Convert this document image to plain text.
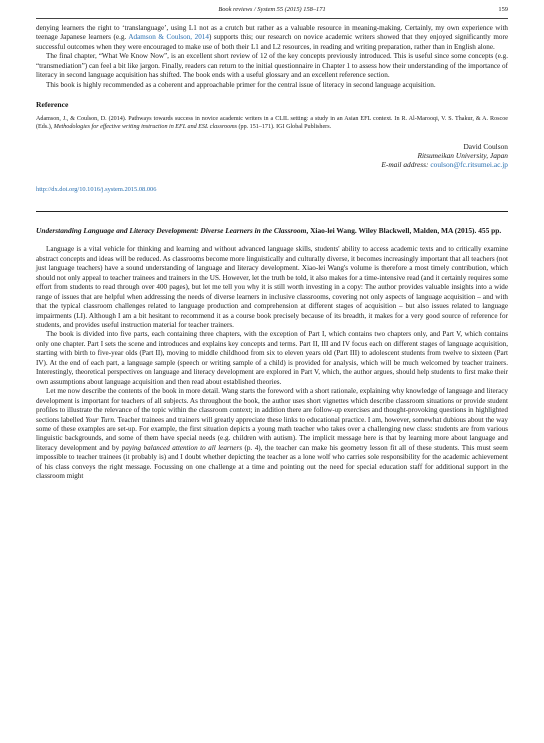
Book reviews / System 55 (2015) 158–171	159

denying learners the right to ‘translanguage’, using L1 not as a crutch but rather as a valuable resource in meaning-making. Certainly, my own experience with teenage Japanese learners (e.g. Adamson & Coulson, 2014) supports this; our research on novice academic writers showed that they enjoyed significantly more successful outcomes when they were encouraged to make use of both their L1 and L2 resources, in reading and writing preparation, rather than in English alone.

The final chapter, “What We Know Now”, is an excellent short review of 12 of the key concepts previously introduced. This is useful since some concepts (e.g. “transmediation”) can feel a bit like jargon. Finally, readers can return to the initial questionnaire in Chapter 1 to assess how their understanding of the importance of literacy in second language acquisition has shifted. The book ends with a useful glossary and an excellent reference section.

This book is highly recommended as a coherent and approachable primer for the central issue of literacy in second language acquisition.

Reference

Adamson, J., & Coulson, D. (2014). Pathways towards success in novice academic writers in a CLIL setting: a study in an Asian EFL context. In R. Al-Marooqi, V. S. Thakur, & A. Roscoe (Eds.), Methodologies for effective writing instruction in EFL and ESL classrooms (pp. 151–171). IGI Global Publishers.

David Coulson
Ritsumeikan University, Japan
E-mail address: coulson@fc.ritsumei.ac.jp
http://dx.doi.org/10.1016/j.system.2015.08.006
Understanding Language and Literacy Development: Diverse Learners in the Classroom, Xiao-lei Wang. Wiley Blackwell, Malden, MA (2015). 455 pp.

Language is a vital vehicle for thinking and learning and without advanced language skills, students' ability to access academic texts and to critically examine abstract concepts and ideas will be reduced. As classrooms become more linguistically and culturally diverse, it becomes increasingly important that all teachers (not just language teachers) have a sound understanding of language and literacy development. Xiao-lei Wang's volume is therefore a most timely contribution, which should not only appeal to teacher trainees and trainers in the US. However, let the truth be told, it also makes for a time-intensive read (and it certainly requires some effort from students to read through over 400 pages), but let me tell you why it is still worth investing in a copy: The author provides valuable insights into a wide range of issues that are helpful when addressing the needs of diverse learners in inclusive classrooms, covering not only aspects of language acquisition – and with that the typical classroom challenges related to language production and comprehension at different stages of acquisition – but also issues related to language impairments (LI). Although I am a bit hesitant to recommend it as a course book precisely because of its breadth, it makes for a very good source of reference for students, and provides useful instruction material for teacher trainers.

The book is divided into five parts, each containing three chapters, with the exception of Part I, which contains two chapters only, and Part V, which contains only one chapter. Part I sets the scene and introduces and explains key concepts and terms. Part II, III and IV focus each on different stages of language acquisition, starting with birth to five-year olds (Part II), moving to middle childhood from six to eleven years old (Part III) to adolescent students from twelve to sixteen (Part IV). At the end of each part, a language sample (speech or writing sample of a child) is provided for analysis, which will be much welcomed by teacher trainers. Interestingly, theoretical perspectives on language and literacy development are explored in Part V, which, the author argues, should help students to first make their own assumptions about language acquisition and then read about established theories.

Let me now describe the contents of the book in more detail. Wang starts the foreword with a short rationale, explaining why knowledge of language and literacy development is important for teachers of all subjects. As throughout the book, the author uses short vignettes which describe classroom situations or provide student profiles to illustrate the relevance of the topic within the classroom context; in addition there are follow-up exercises and thought-provoking questions in highlighted sections labelled Your Turn. Teacher trainees and trainers will greatly appreciate these links to educational practice. I am, however, somewhat dubious about the way some of these examples are set-up. For example, the first situation depicts a young math teacher who takes over a challenging new class: students are from various linguistic backgrounds, and some of them have special needs (e.g. children with autism). The implicit message here is that by learning more about language and literacy development and by paying balanced attention to all learners (p. 4), the teacher can make his geometry lesson fit all of these students. This must seem impossible to teacher trainees (it probably is) and I doubt whether depicting the teacher as a lone wolf who carries sole responsibility for the academic achievement of his class conveys the right message. Focussing on one challenge at a time and pointing out the need for special education staff for additional support in the classroom might
